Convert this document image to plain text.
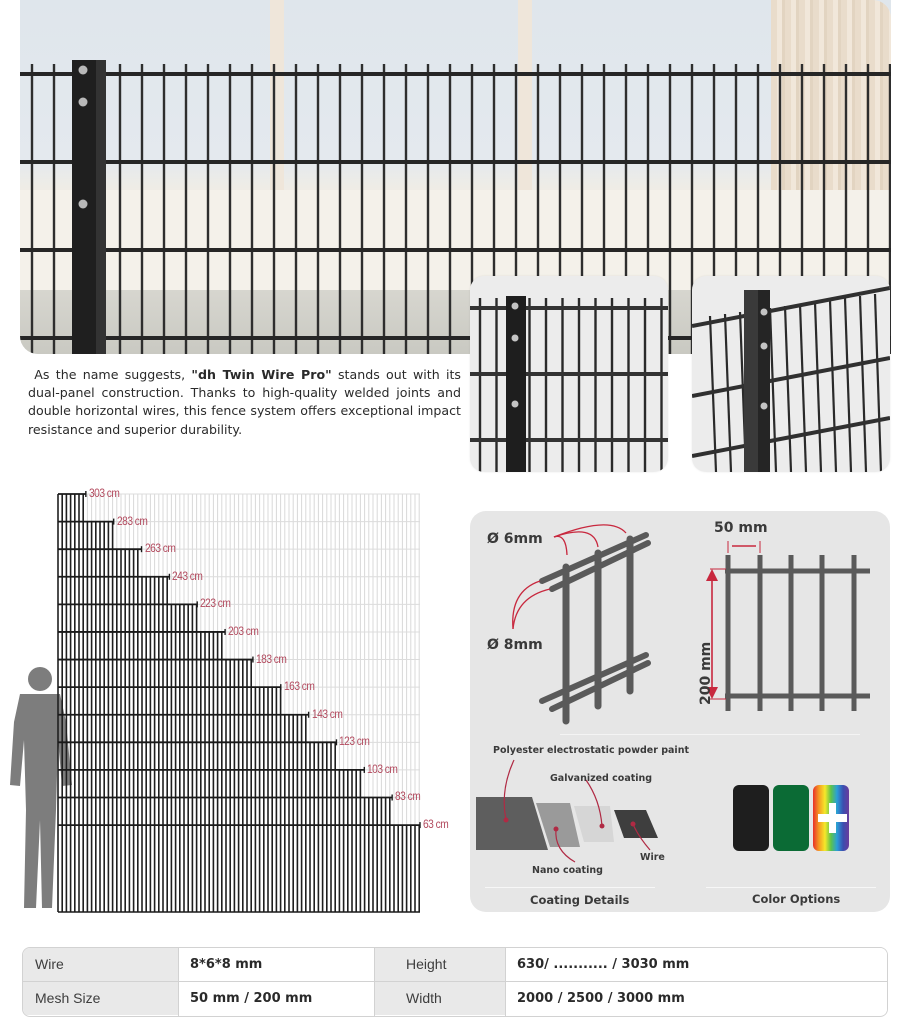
As the name suggests, "dh Twin Wire Pro" stands out with its dual-panel construction. Thanks to high-quality welded joints and double horizontal wires, this fence system offers exceptional impact resistance and superior durability.
303 cm
283 cm
263 cm
243 cm
223 cm
203 cm
183 cm
163 cm
143 cm
123 cm
103 cm
83 cm
63 cm
Ø 6mm
Ø 8mm
50 mm
200 mm
Polyester electrostatic powder paint
Galvanized coating
Nano coating
Wire
Coating Details	Color Options
Wire	8*6*8 mm	Height	630/ ........... / 3030 mm
Mesh Size	50 mm / 200 mm	Width	2000 / 2500 / 3000 mm
